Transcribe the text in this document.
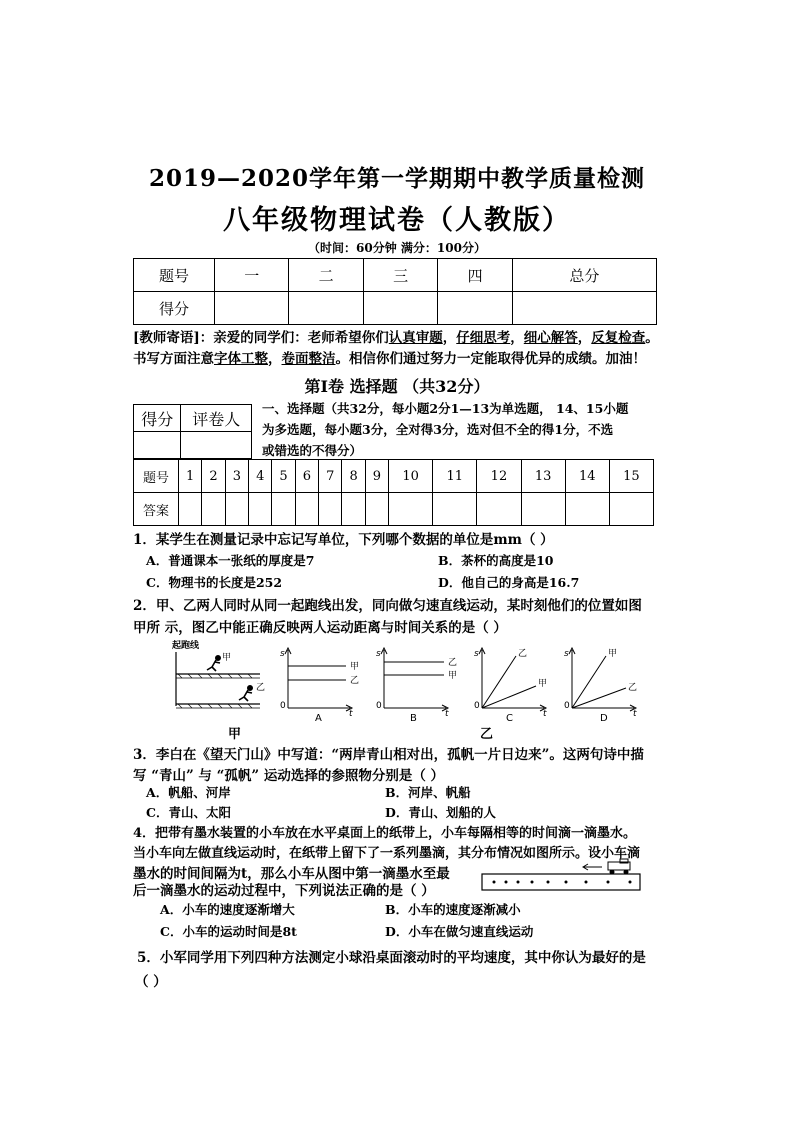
2019—2020学年第一学期期中教学质量检测
八年级物理试卷（人教版）
（时间：60分钟 满分：100分）
题号	一	二	三	四	总分
得分					
[教师寄语]：亲爱的同学们：老师希望你们认真审题，仔细思考，细心解答，反复检查。
书写方面注意字体工整，卷面整洁。相信你们通过努力一定能取得优异的成绩。加油！
第Ⅰ卷 选择题 （共32分）
得分	评卷人

一、选择题（共32分，每小题2分1—13为单选题， 14、15小题
为多选题，每小题3分，全对得3分，选对但不全的得1分，不选
或错选的不得分）
题号	1	2	3	4	5	6	7	8	9	10	11	12	13	14	15
答案															
1．某学生在测量记录中忘记写单位，下列哪个数据的单位是mm（ ）
A．普通课本一张纸的厚度是7	B．茶杯的高度是10
C．物理书的长度是252	D．他自己的身高是16.7
2．甲、乙两人同时从同一起跑线出发，同向做匀速直线运动，某时刻他们的位置如图
甲所 示，图乙中能正确反映两人运动距离与时间关系的是（ ）
起跑线
甲
乙
甲
s
0
t
甲
乙
A
s
0
t
乙
甲
B
s
0
t
乙
甲
C
s
0
t
甲
乙
D
乙
3．李白在《望天门山》中写道：“两岸青山相对出，孤帆一片日边来”。这两句诗中描
写 “青山” 与 “孤帆” 运动选择的参照物分别是（ ）
A．帆船、河岸	B．河岸、帆船
C．青山、太阳	D．青山、划船的人
4．把带有墨水装置的小车放在水平桌面上的纸带上，小车每隔相等的时间滴一滴墨水。
当小车向左做直线运动时，在纸带上留下了一系列墨滴，其分布情况如图所示。设小车滴
墨水的时间间隔为t，那么小车从图中第一滴墨水至最
后一滴墨水的运动过程中，下列说法正确的是（ ）
A．小车的速度逐渐增大	B．小车的速度逐渐减小
C．小车的运动时间是8t	D．小车在做匀速直线运动
5．小军同学用下列四种方法测定小球沿桌面滚动时的平均速度，其中你认为最好的是
（ ）
